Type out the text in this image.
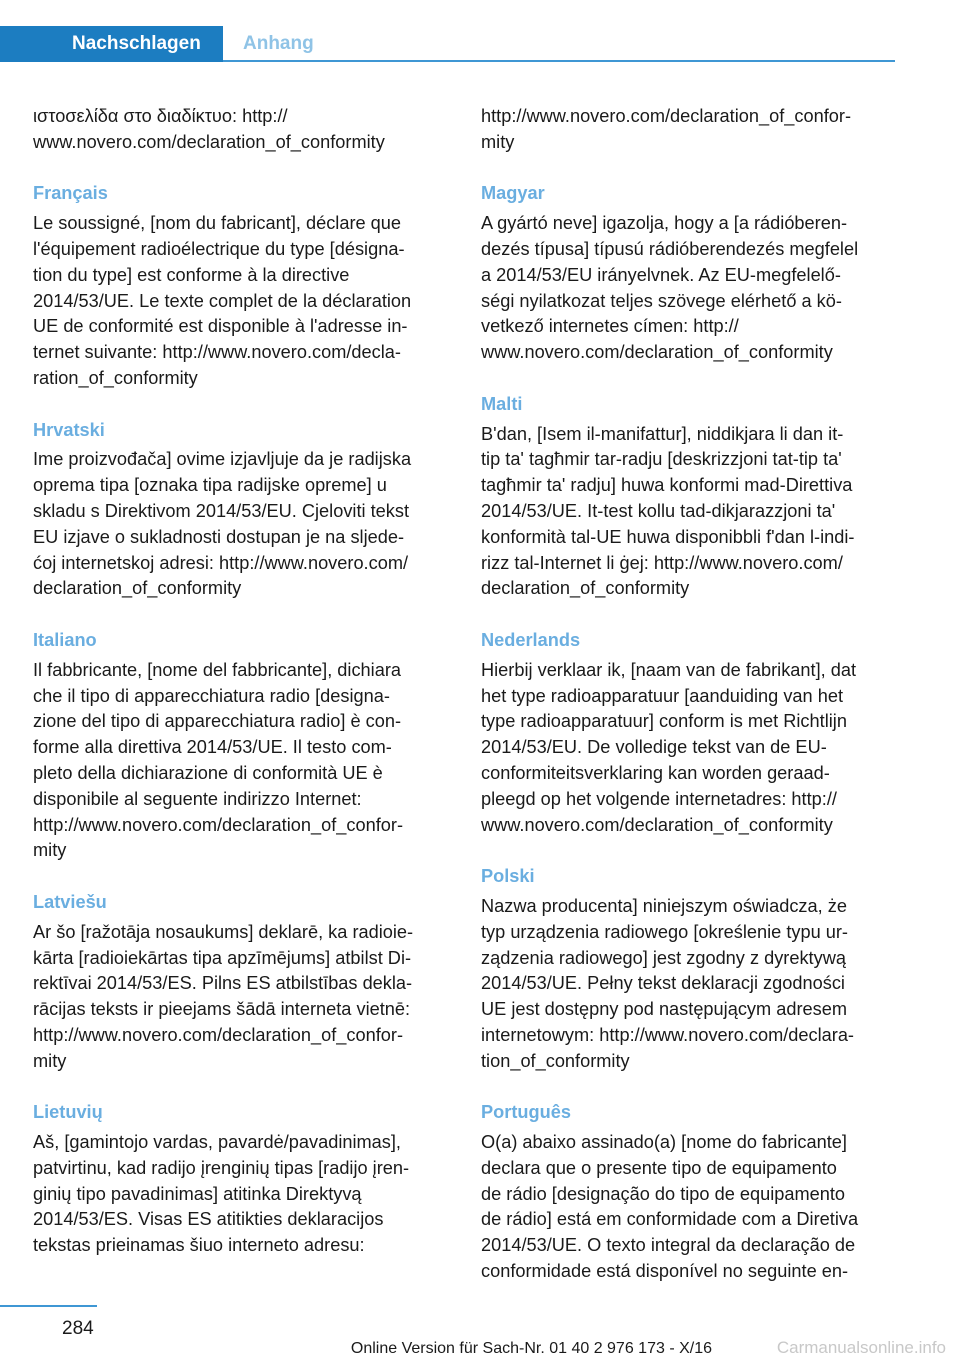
Nachschlagen	Anhang

ιστοσελίδα στο διαδίκτυο: http://

www.novero.com/declaration_of_conformity

Français

Le soussigné, [nom du fabricant], déclare que

l'équipement radioélectrique du type [désigna‐

tion du type] est conforme à la directive

2014/53/UE. Le texte complet de la déclaration

UE de conformité est disponible à l'adresse in‐

ternet suivante: http://www.novero.com/decla‐

ration_of_conformity

Hrvatski

Ime proizvođača] ovime izjavljuje da je radijska

oprema tipa [oznaka tipa radijske opreme] u

skladu s Direktivom 2014/53/EU. Cjeloviti tekst

EU izjave o sukladnosti dostupan je na sljede‐

ćoj internetskoj adresi: http://www.novero.com/

declaration_of_conformity

Italiano

Il fabbricante, [nome del fabbricante], dichiara

che il tipo di apparecchiatura radio [designa‐

zione del tipo di apparecchiatura radio] è con‐

forme alla direttiva 2014/53/UE. Il testo com‐

pleto della dichiarazione di conformità UE è

disponibile al seguente indirizzo Internet:

http://www.novero.com/declaration_of_confor‐

mity

Latviešu

Ar šo [ražotāja nosaukums] deklarē, ka radioie‐

kārta [radioiekārtas tipa apzīmējums] atbilst Di‐

rektīvai 2014/53/ES. Pilns ES atbilstības dekla‐

rācijas teksts ir pieejams šādā interneta vietnē:

http://www.novero.com/declaration_of_confor‐

mity

Lietuvių

Aš, [gamintojo vardas, pavardė/pavadinimas],

patvirtinu, kad radijo įrenginių tipas [radijo įren‐

ginių tipo pavadinimas] atitinka Direktyvą

2014/53/ES. Visas ES atitikties deklaracijos

tekstas prieinamas šiuo interneto adresu:

http://www.novero.com/declaration_of_confor‐

mity

Magyar

A gyártó neve] igazolja, hogy a [a rádióberen‐

dezés típusa] típusú rádióberendezés megfelel

a 2014/53/EU irányelvnek. Az EU-megfelelő‐

ségi nyilatkozat teljes szövege elérhető a kö‐

vetkező internetes címen: http://

www.novero.com/declaration_of_conformity

Malti

B'dan, [Isem il-manifattur], niddikjara li dan it-

tip ta' tagħmir tar-radju [deskrizzjoni tat-tip ta'

tagħmir ta' radju] huwa konformi mad-Direttiva

2014/53/UE. It-test kollu tad-dikjarazzjoni ta'

konformità tal-UE huwa disponibbli f'dan l-indi‐

rizz tal-Internet li ġej: http://www.novero.com/

declaration_of_conformity

Nederlands

Hierbij verklaar ik, [naam van de fabrikant], dat

het type radioapparatuur [aanduiding van het

type radioapparatuur] conform is met Richtlijn

2014/53/EU. De volledige tekst van de EU-

conformiteitsverklaring kan worden geraad‐

pleegd op het volgende internetadres: http://

www.novero.com/declaration_of_conformity

Polski

Nazwa producenta] niniejszym oświadcza, że

typ urządzenia radiowego [określenie typu ur‐

ządzenia radiowego] jest zgodny z dyrektywą

2014/53/UE. Pełny tekst deklaracji zgodności

UE jest dostępny pod następującym adresem

internetowym: http://www.novero.com/declara‐

tion_of_conformity

Português

O(a) abaixo assinado(a) [nome do fabricante]

declara que o presente tipo de equipamento

de rádio [designação do tipo de equipamento

de rádio] está em conformidade com a Diretiva

2014/53/UE. O texto integral da declaração de

conformidade está disponível no seguinte en‐

284
Online Version für Sach-Nr. 01 40 2 976 173 - X/16	Carmanualsonline.info
